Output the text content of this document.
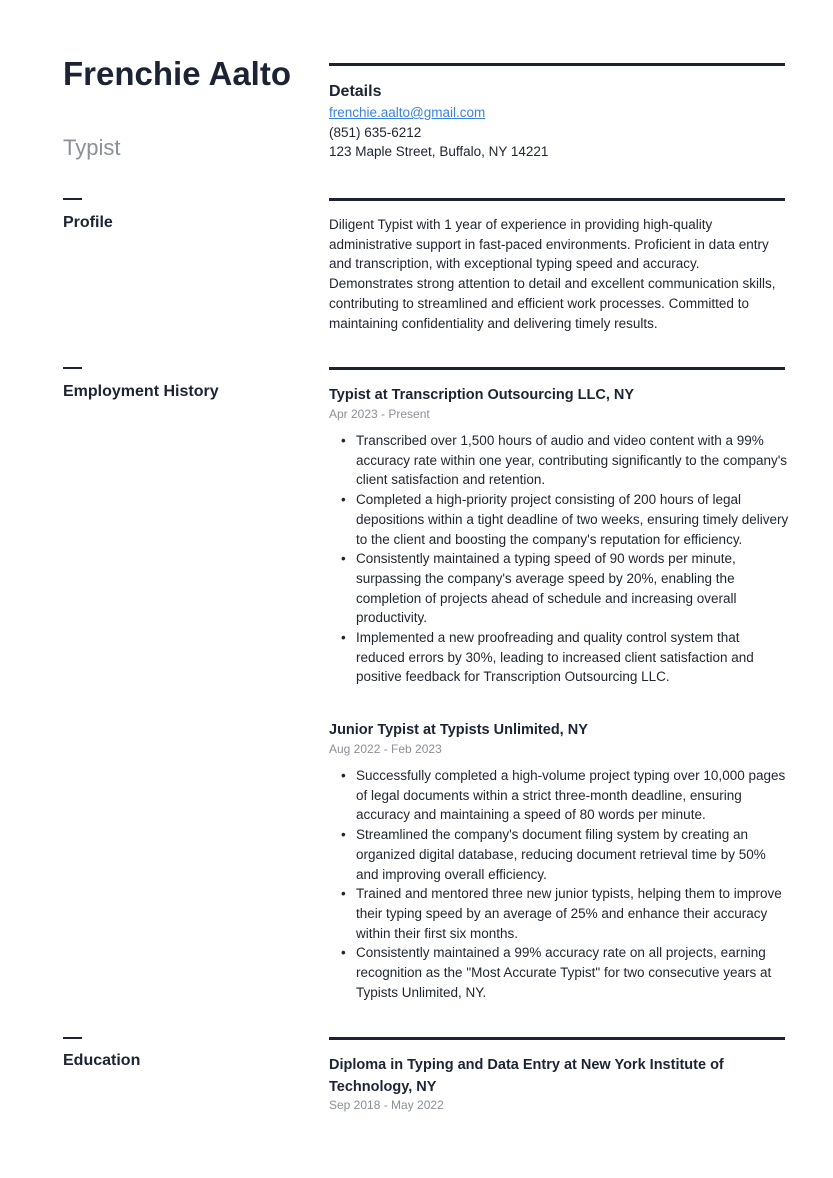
Frenchie Aalto
Typist
Details
frenchie.aalto@gmail.com
(851) 635-6212
123 Maple Street, Buffalo, NY 14221
Profile	Diligent Typist with 1 year of experience in providing high-quality administrative support in fast-paced environments. Proficient in data entry and transcription, with exceptional typing speed and accuracy. Demonstrates strong attention to detail and excellent communication skills, contributing to streamlined and efficient work processes. Committed to maintaining confidentiality and delivering timely results.
Employment History	Typist at Transcription Outsourcing LLC, NY
Apr 2023 - Present
• Transcribed over 1,500 hours of audio and video content with a 99% accuracy rate within one year, contributing significantly to the company's client satisfaction and retention.
• Completed a high-priority project consisting of 200 hours of legal depositions within a tight deadline of two weeks, ensuring timely delivery to the client and boosting the company's reputation for efficiency.
• Consistently maintained a typing speed of 90 words per minute, surpassing the company's average speed by 20%, enabling the completion of projects ahead of schedule and increasing overall productivity.
• Implemented a new proofreading and quality control system that reduced errors by 30%, leading to increased client satisfaction and positive feedback for Transcription Outsourcing LLC.
Junior Typist at Typists Unlimited, NY
Aug 2022 - Feb 2023
• Successfully completed a high-volume project typing over 10,000 pages of legal documents within a strict three-month deadline, ensuring accuracy and maintaining a speed of 80 words per minute.
• Streamlined the company's document filing system by creating an organized digital database, reducing document retrieval time by 50% and improving overall efficiency.
• Trained and mentored three new junior typists, helping them to improve their typing speed by an average of 25% and enhance their accuracy within their first six months.
• Consistently maintained a 99% accuracy rate on all projects, earning recognition as the "Most Accurate Typist" for two consecutive years at Typists Unlimited, NY.
Education	Diploma in Typing and Data Entry at New York Institute of Technology, NY
Sep 2018 - May 2022
